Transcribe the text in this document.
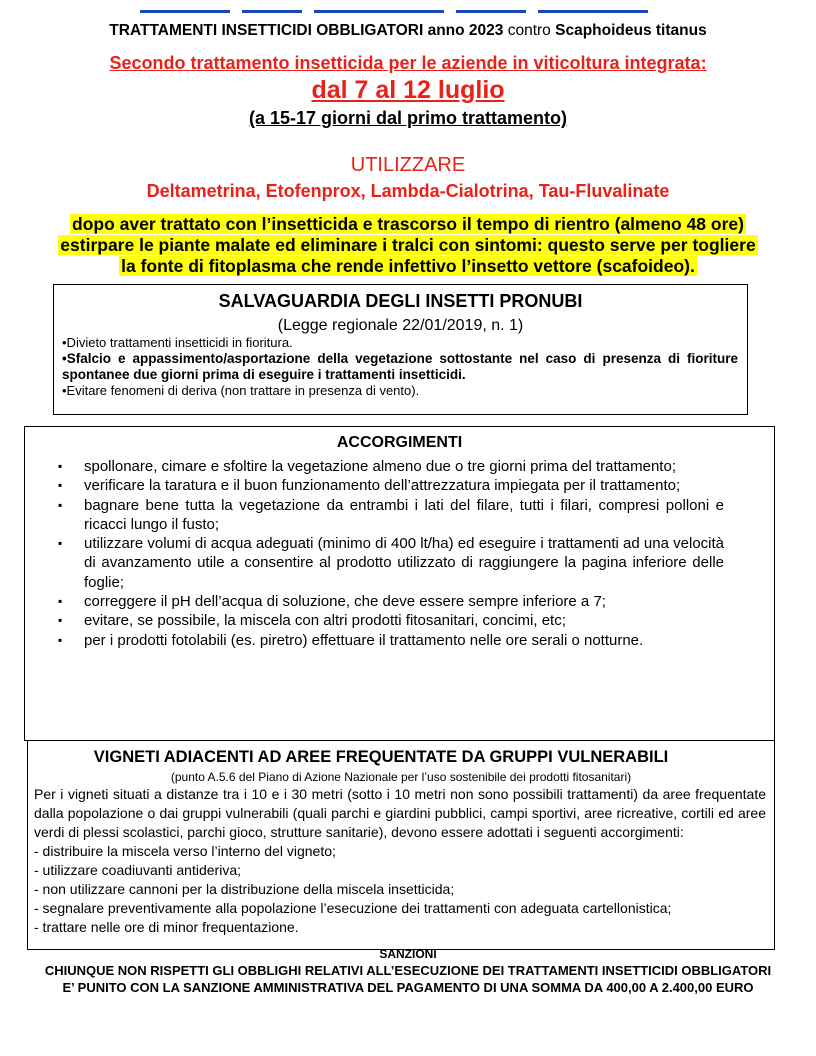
TRATTAMENTI INSETTICIDI OBBLIGATORI anno 2023 contro Scaphoideus titanus
Secondo trattamento insetticida per le aziende in viticoltura integrata:
dal 7 al 12 luglio
(a 15-17 giorni dal primo trattamento)
UTILIZZARE
Deltametrina, Etofenprox, Lambda-Cialotrina, Tau-Fluvalinate
dopo aver trattato con l’insetticida e trascorso il tempo di rientro (almeno 48 ore)
estirpare le piante malate ed eliminare i tralci con sintomi: questo serve per togliere
la fonte di fitoplasma che rende infettivo l’insetto vettore (scafoideo).
SALVAGUARDIA DEGLI INSETTI PRONUBI
(Legge regionale 22/01/2019, n. 1)
•Divieto trattamenti insetticidi in fioritura.
•Sfalcio e appassimento/asportazione della vegetazione sottostante nel caso di presenza di fioriture spontanee due giorni prima di eseguire i trattamenti insetticidi.
•Evitare fenomeni di deriva (non trattare in presenza di vento).
ACCORGIMENTI
▪ spollonare, cimare e sfoltire la vegetazione almeno due o tre giorni prima del trattamento;
▪ verificare la taratura e il buon funzionamento dell’attrezzatura impiegata per il trattamento;
▪ bagnare bene tutta la vegetazione da entrambi i lati del filare, tutti i filari, compresi polloni e ricacci lungo il fusto;
▪ utilizzare volumi di acqua adeguati (minimo di 400 lt/ha) ed eseguire i trattamenti ad una velocità di avanzamento utile a consentire al prodotto utilizzato di raggiungere la pagina inferiore delle foglie;
▪ correggere il pH dell’acqua di soluzione, che deve essere sempre inferiore a 7;
▪ evitare, se possibile, la miscela con altri prodotti fitosanitari, concimi, etc;
▪ per i prodotti fotolabili (es. piretro) effettuare il trattamento nelle ore serali o notturne.
VIGNETI ADIACENTI AD AREE FREQUENTATE DA GRUPPI VULNERABILI
(punto A.5.6 del Piano di Azione Nazionale per l’uso sostenibile dei prodotti fitosanitari)

Per i vigneti situati a distanze tra i 10 e i 30 metri (sotto i 10 metri non sono possibili trattamenti) da aree frequentate dalla popolazione o dai gruppi vulnerabili (quali parchi e giardini pubblici, campi sportivi, aree ricreative, cortili ed aree verdi di plessi scolastici, parchi gioco, strutture sanitarie), devono essere adottati i seguenti accorgimenti:

- distribuire la miscela verso l’interno del vigneto;
- utilizzare coadiuvanti antideriva;
- non utilizzare cannoni per la distribuzione della miscela insetticida;
- segnalare preventivamente alla popolazione l’esecuzione dei trattamenti con adeguata cartellonistica;
- trattare nelle ore di minor frequentazione.
SANZIONI
CHIUNQUE NON RISPETTI GLI OBBLIGHI RELATIVI ALL’ESECUZIONE DEI TRATTAMENTI INSETTICIDI OBBLIGATORI E’ PUNITO CON LA SANZIONE AMMINISTRATIVA DEL PAGAMENTO DI UNA SOMMA DA 400,00 A 2.400,00 EURO
